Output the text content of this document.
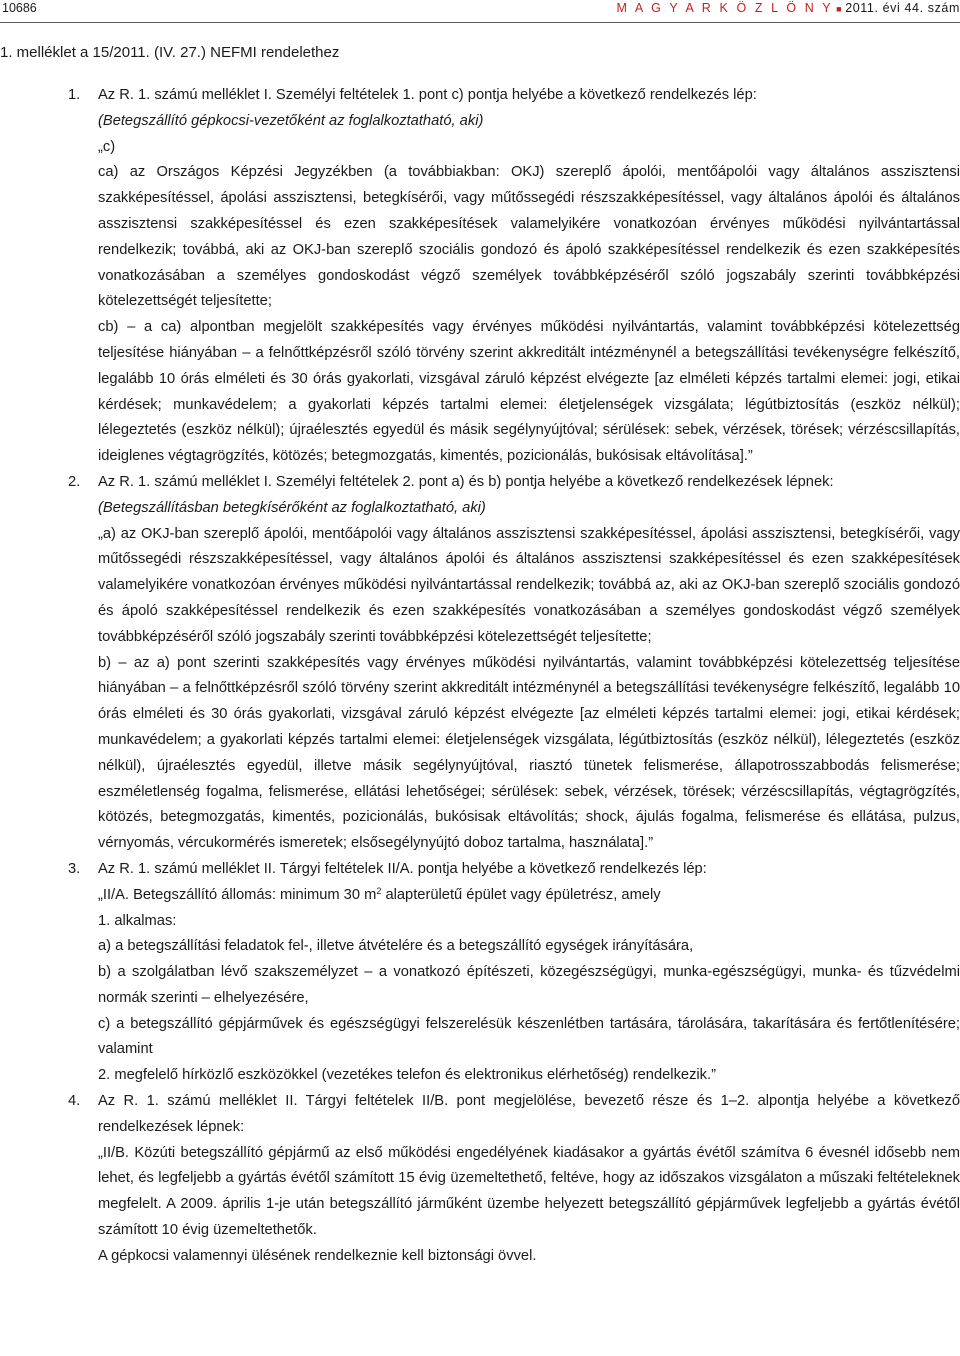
10686	M A G Y A R K Ö Z L Ö N Y ■ 2011. évi 44. szám
1. melléklet a 15/2011. (IV. 27.) NEFMI rendelethez

1. Az R. 1. számú melléklet I. Személyi feltételek 1. pont c) pontja helyébe a következő rendelkezés lép:

(Betegszállító gépkocsi-vezetőként az foglalkoztatható, aki)

„c)

ca) az Országos Képzési Jegyzékben (a továbbiakban: OKJ) szereplő ápolói, mentőápolói vagy általános asszisztensi szakképesítéssel, ápolási asszisztensi, betegkísérői, vagy műtőssegédi részszakképesítéssel, vagy általános ápolói és általános asszisztensi szakképesítéssel és ezen szakképesítések valamelyikére vonatkozóan érvényes működési nyilvántartással rendelkezik; továbbá, aki az OKJ-ban szereplő szociális gondozó és ápoló szakképesítéssel rendelkezik és ezen szakképesítés vonatkozásában a személyes gondoskodást végző személyek továbbképzéséről szóló jogszabály szerinti továbbképzési kötelezettségét teljesítette;

cb) – a ca) alpontban megjelölt szakképesítés vagy érvényes működési nyilvántartás, valamint továbbképzési kötelezettség teljesítése hiányában – a felnőttképzésről szóló törvény szerint akkreditált intézménynél a betegszállítási tevékenységre felkészítő, legalább 10 órás elméleti és 30 órás gyakorlati, vizsgával záruló képzést elvégezte [az elméleti képzés tartalmi elemei: jogi, etikai kérdések; munkavédelem; a gyakorlati képzés tartalmi elemei: életjelenségek vizsgálata; légútbiztosítás (eszköz nélkül); lélegeztetés (eszköz nélkül); újraélesztés egyedül és másik segélynyújtóval; sérülések: sebek, vérzések, törések; vérzéscsillapítás, ideiglenes végtagrögzítés, kötözés; betegmozgatás, kimentés, pozicionálás, bukósisak eltávolítása].”

2. Az R. 1. számú melléklet I. Személyi feltételek 2. pont a) és b) pontja helyébe a következő rendelkezések lépnek:

(Betegszállításban betegkísérőként az foglalkoztatható, aki)

„a) az OKJ-ban szereplő ápolói, mentőápolói vagy általános asszisztensi szakképesítéssel, ápolási asszisztensi, betegkísérői, vagy műtőssegédi részszakképesítéssel, vagy általános ápolói és általános asszisztensi szakképesítéssel és ezen szakképesítések valamelyikére vonatkozóan érvényes működési nyilvántartással rendelkezik; továbbá az, aki az OKJ-ban szereplő szociális gondozó és ápoló szakképesítéssel rendelkezik és ezen szakképesítés vonatkozásában a személyes gondoskodást végző személyek továbbképzéséről szóló jogszabály szerinti továbbképzési kötelezettségét teljesítette;

b) – az a) pont szerinti szakképesítés vagy érvényes működési nyilvántartás, valamint továbbképzési kötelezettség teljesítése hiányában – a felnőttképzésről szóló törvény szerint akkreditált intézménynél a betegszállítási tevékenységre felkészítő, legalább 10 órás elméleti és 30 órás gyakorlati, vizsgával záruló képzést elvégezte [az elméleti képzés tartalmi elemei: jogi, etikai kérdések; munkavédelem; a gyakorlati képzés tartalmi elemei: életjelenségek vizsgálata, légútbiztosítás (eszköz nélkül), lélegeztetés (eszköz nélkül), újraélesztés egyedül, illetve másik segélynyújtóval, riasztó tünetek felismerése, állapotrosszabbodás felismerése; eszméletlenség fogalma, felismerése, ellátási lehetőségei; sérülések: sebek, vérzések, törések; vérzéscsillapítás, végtagrögzítés, kötözés, betegmozgatás, kimentés, pozicionálás, bukósisak eltávolítás; shock, ájulás fogalma, felismerése és ellátása, pulzus, vérnyomás, vércukormérés ismeretek; elsősegélynyújtó doboz tartalma, használata].”

3. Az R. 1. számú melléklet II. Tárgyi feltételek II/A. pontja helyébe a következő rendelkezés lép:

„II/A. Betegszállító állomás: minimum 30 $m^2$ alapterületű épület vagy épületrész, amely

1. alkalmas:

a) a betegszállítási feladatok fel-, illetve átvételére és a betegszállító egységek irányítására,

b) a szolgálatban lévő szakszemélyzet – a vonatkozó építészeti, közegészségügyi, munka-egészségügyi, munka- és tűzvédelmi normák szerinti – elhelyezésére,

c) a betegszállító gépjárművek és egészségügyi felszerelésük készenlétben tartására, tárolására, takarítására és fertőtlenítésére; valamint

2. megfelelő hírközlő eszközökkel (vezetékes telefon és elektronikus elérhetőség) rendelkezik.”

4. Az R. 1. számú melléklet II. Tárgyi feltételek II/B. pont megjelölése, bevezető része és 1–2. alpontja helyébe a következő rendelkezések lépnek:

„II/B. Közúti betegszállító gépjármű az első működési engedélyének kiadásakor a gyártás évétől számítva 6 évesnél idősebb nem lehet, és legfeljebb a gyártás évétől számított 15 évig üzemeltethető, feltéve, hogy az időszakos vizsgálaton a műszaki feltételeknek megfelelt. A 2009. április 1-je után betegszállító járműként üzembe helyezett betegszállító gépjárművek legfeljebb a gyártás évétől számított 10 évig üzemeltethetők.

A gépkocsi valamennyi ülésének rendelkeznie kell biztonsági övvel.
